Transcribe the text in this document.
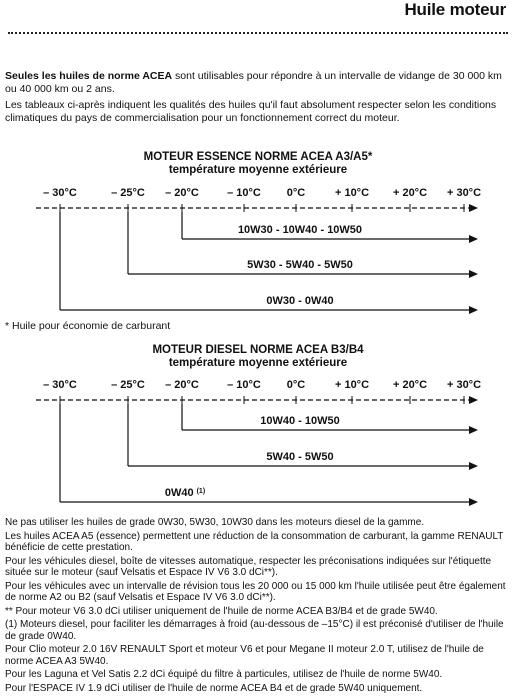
Huile moteur

Seules les huiles de norme ACEA sont utilisables pour répondre à un intervalle de vidange de 30 000 km ou 40 000 km ou 2 ans.

Les tableaux ci-après indiquent les qualités des huiles qu'il faut absolument respecter selon les conditions climatiques du pays de commercialisation pour un fonctionnement correct du moteur.

MOTEUR ESSENCE NORME ACEA A3/A5*
température moyenne extérieure
– 30°C	– 25°C – 20°C	– 10°C 0°C	+ 10°C + 20°C + 30°C
10W30 - 10W40 - 10W50
5W30 - 5W40 - 5W50
0W30 - 0W40
* Huile pour économie de carburant
MOTEUR DIESEL NORME ACEA B3/B4
température moyenne extérieure
– 30°C	– 25°C – 20°C	– 10°C 0°C	+ 10°C + 20°C + 30°C
10W40 - 10W50
5W40 - 5W50
0W40 $^{(1)}$

Ne pas utiliser les huiles de grade 0W30, 5W30, 10W30 dans les moteurs diesel de la gamme.

Les huiles ACEA A5 (essence) permettent une réduction de la consommation de carburant, la gamme RENAULT bénéficie de cette prestation.

Pour les véhicules diesel, boîte de vitesses automatique, respecter les préconisations indiquées sur l'étiquette située sur le moteur (sauf Velsatis et Espace IV V6 3.0 dCi**).

Pour les véhicules avec un intervalle de révision tous les 20 000 ou 15 000 km l'huile utilisée peut être également de norme A2 ou B2 (sauf Velsatis et Espace IV V6 3.0 dCi**).

** Pour moteur V6 3.0 dCi utiliser uniquement de l'huile de norme ACEA B3/B4 et de grade 5W40.

(1) Moteurs diesel, pour faciliter les démarrages à froid (au-dessous de –15°C) il est préconisé d'utiliser de l'huile de grade 0W40.

Pour Clio moteur 2.0 16V RENAULT Sport et moteur V6 et pour Megane II moteur 2.0 T, utilisez de l'huile de norme ACEA A3 5W40.

Pour les Laguna et Vel Satis 2.2 dCi équipé du filtre à particules, utilisez de l'huile de norme 5W40.

Pour l'ESPACE IV 1.9 dCi utiliser de l'huile de norme ACEA B4 et de grade 5W40 uniquement.
